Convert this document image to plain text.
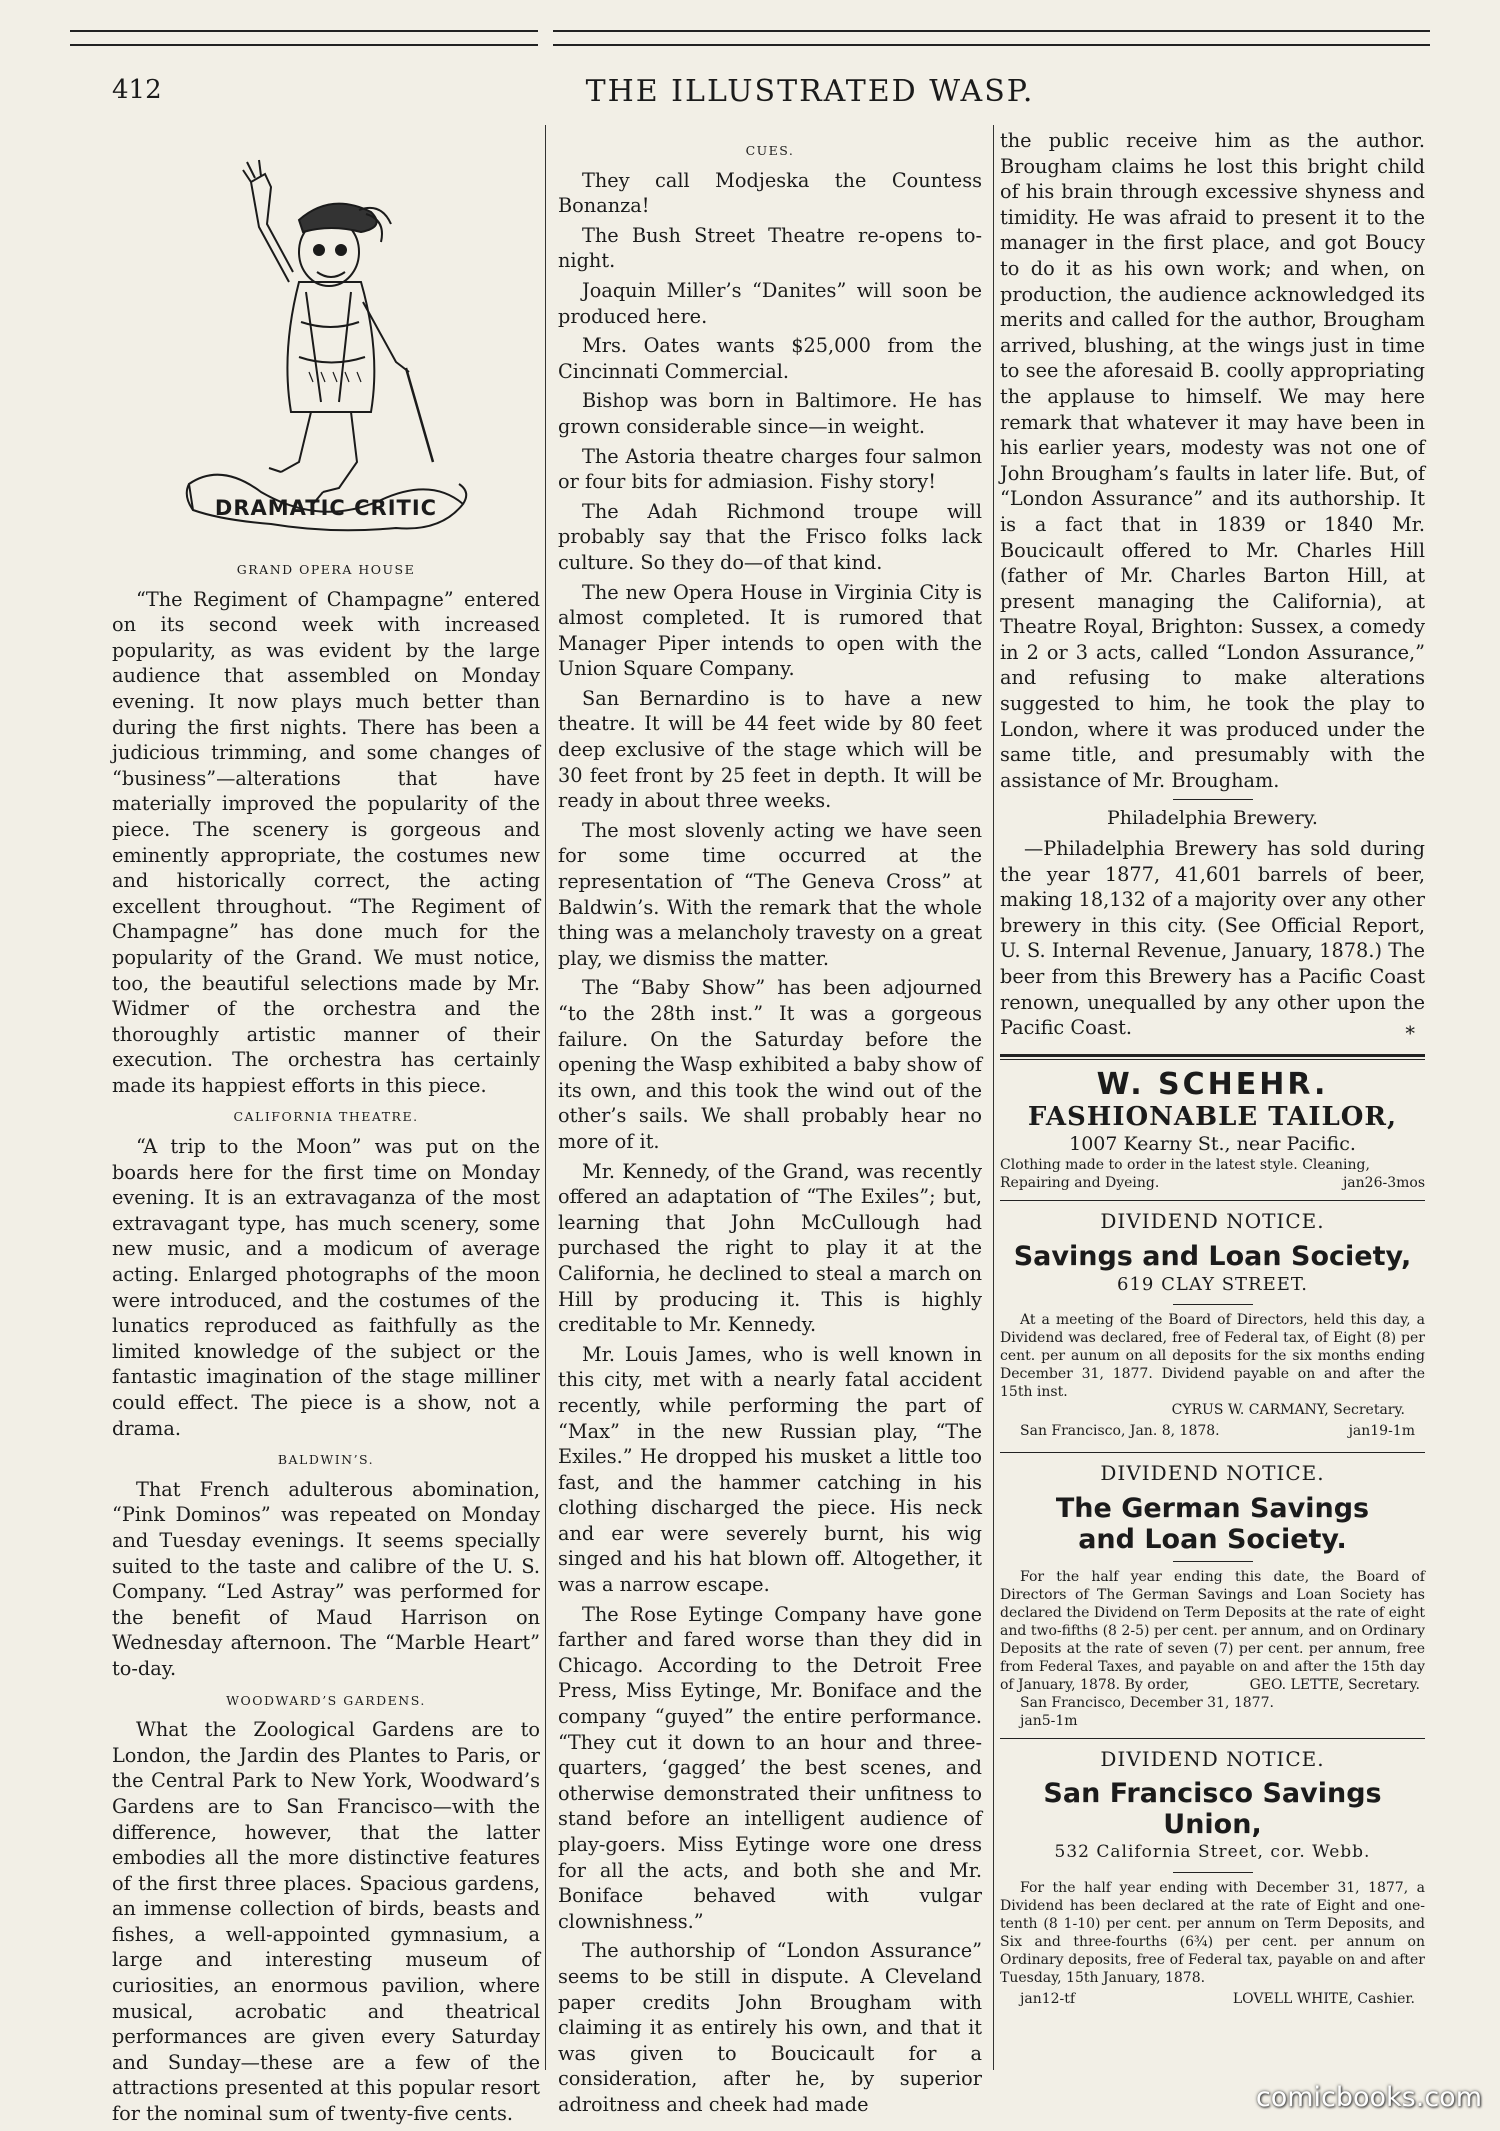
412	THE ILLUSTRATED WASP.
DRAMATIC CRITIC
GRAND OPERA HOUSE

“The Regiment of Champagne” entered on its second week with increased popularity, as was evident by the large audience that assembled on Monday evening. It now plays much better than during the first nights. There has been a judicious trimming, and some changes of “business”—alterations that have materially improved the popularity of the piece. The scenery is gorgeous and eminently appropriate, the costumes new and historically correct, the acting excellent throughout. “The Regiment of Champagne” has done much for the popularity of the Grand. We must notice, too, the beautiful selections made by Mr. Widmer of the orchestra and the thoroughly artistic manner of their execution. The orchestra has certainly made its happiest efforts in this piece.

CALIFORNIA THEATRE.

“A trip to the Moon” was put on the boards here for the first time on Monday evening. It is an extravaganza of the most extravagant type, has much scenery, some new music, and a modicum of average acting. Enlarged photographs of the moon were introduced, and the costumes of the lunatics reproduced as faithfully as the limited knowledge of the subject or the fantastic imagination of the stage milliner could effect. The piece is a show, not a drama.

BALDWIN’S.

That French adulterous abomination, “Pink Dominos” was repeated on Monday and Tuesday evenings. It seems specially suited to the taste and calibre of the U. S. Company. “Led Astray” was performed for the benefit of Maud Harrison on Wednesday afternoon. The “Marble Heart” to-day.

WOODWARD’S GARDENS.

What the Zoological Gardens are to London, the Jardin des Plantes to Paris, or the Central Park to New York, Woodward’s Gardens are to San Francisco—with the difference, however, that the latter embodies all the more distinctive features of the first three places. Spacious gardens, an immense collection of birds, beasts and fishes, a well-appointed gymnasium, a large and interesting museum of curiosities, an enormous pavilion, where musical, acrobatic and theatrical performances are given every Saturday and Sunday—these are a few of the attractions presented at this popular resort for the nominal sum of twenty-five cents.

CUES.

They call Modjeska the Countess Bonanza!

The Bush Street Theatre re-opens to-night.

Joaquin Miller’s “Danites” will soon be produced here.

Mrs. Oates wants $25,000 from the Cincinnati Commercial.

Bishop was born in Baltimore. He has grown considerable since—in weight.

The Astoria theatre charges four salmon or four bits for admiasion. Fishy story!

The Adah Richmond troupe will probably say that the Frisco folks lack culture. So they do—of that kind.

The new Opera House in Virginia City is almost completed. It is rumored that Manager Piper intends to open with the Union Square Company.

San Bernardino is to have a new theatre. It will be 44 feet wide by 80 feet deep exclusive of the stage which will be 30 feet front by 25 feet in depth. It will be ready in about three weeks.

The most slovenly acting we have seen for some time occurred at the representation of “The Geneva Cross” at Baldwin’s. With the remark that the whole thing was a melancholy travesty on a great play, we dismiss the matter.

The “Baby Show” has been adjourned “to the 28th inst.” It was a gorgeous failure. On the Saturday before the opening the Wasp exhibited a baby show of its own, and this took the wind out of the other’s sails. We shall probably hear no more of it.

Mr. Kennedy, of the Grand, was recently offered an adaptation of “The Exiles”; but, learning that John McCullough had purchased the right to play it at the California, he declined to steal a march on Hill by producing it. This is highly creditable to Mr. Kennedy.

Mr. Louis James, who is well known in this city, met with a nearly fatal accident recently, while performing the part of “Max” in the new Russian play, “The Exiles.” He dropped his musket a little too fast, and the hammer catching in his clothing discharged the piece. His neck and ear were severely burnt, his wig singed and his hat blown off. Altogether, it was a narrow escape.

The Rose Eytinge Company have gone farther and fared worse than they did in Chicago. According to the Detroit Free Press, Miss Eytinge, Mr. Boniface and the company “guyed” the entire performance. “They cut it down to an hour and three-quarters, ‘gagged’ the best scenes, and otherwise demonstrated their unfitness to stand before an intelligent audience of play-goers. Miss Eytinge wore one dress for all the acts, and both she and Mr. Boniface behaved with vulgar clownishness.”

The authorship of “London Assurance” seems to be still in dispute. A Cleveland paper credits John Brougham with claiming it as entirely his own, and that it was given to Boucicault for a consideration, after he, by superior adroitness and cheek had made

the public receive him as the author. Brougham claims he lost this bright child of his brain through excessive shyness and timidity. He was afraid to present it to the manager in the first place, and got Boucy to do it as his own work; and when, on production, the audience acknowledged its merits and called for the author, Brougham arrived, blushing, at the wings just in time to see the aforesaid B. coolly appropriating the applause to himself. We may here remark that whatever it may have been in his earlier years, modesty was not one of John Brougham’s faults in later life. But, of “London Assurance” and its authorship. It is a fact that in 1839 or 1840 Mr. Boucicault offered to Mr. Charles Hill (father of Mr. Charles Barton Hill, at present managing the California), at Theatre Royal, Brighton: Sussex, a comedy in 2 or 3 acts, called “London Assurance,” and refusing to make alterations suggested to him, he took the play to London, where it was produced under the same title, and presumably with the assistance of Mr. Brougham.

Philadelphia Brewery.

—Philadelphia Brewery has sold during the year 1877, 41,601 barrels of beer, making 18,132 of a majority over any other brewery in this city. (See Official Report, U. S. Internal Revenue, January, 1878.) The beer from this Brewery has a Pacific Coast renown, unequalled by any other upon the Pacific Coast.	*
W. SCHEHR.
FASHIONABLE TAILOR,
1007 Kearny St., near Pacific.
Clothing made to order in the latest style. Cleaning, Repairing and Dyeing.	jan26-3mos
DIVIDEND NOTICE.
Savings and Loan Society,
619 CLAY STREET.

At a meeting of the Board of Directors, held this day, a Dividend was declared, free of Federal tax, of Eight (8) per cent. per aunum on all deposits for the six months ending December 31, 1877. Dividend payable on and after the 15th inst.

CYRUS W. CARMANY, Secretary.
San Francisco, Jan. 8, 1878.	jan19-1m
DIVIDEND NOTICE.
The German Savings and Loan Society.

For the half year ending this date, the Board of Directors of The German Savings and Loan Society has declared the Dividend on Term Deposits at the rate of eight and two-fifths (8 2-5) per cent. per annum, and on Ordinary Deposits at the rate of seven (7) per cent. per annum, free from Federal Taxes, and payable on and after the 15th day of January, 1878. By order,	GEO. LETTE, Secretary.
San Francisco, December 31, 1877.
jan5-1m
DIVIDEND NOTICE.
San Francisco Savings Union,
532 California Street, cor. Webb.

For the half year ending with December 31, 1877, a Dividend has been declared at the rate of Eight and one-tenth (8 1-10) per cent. per annum on Term Deposits, and Six and three-fourths (6¾) per cent. per annum on Ordinary deposits, free of Federal tax, payable on and after Tuesday, 15th January, 1878.

jan12-tf	LOVELL WHITE, Cashier.
comicbooks.com
